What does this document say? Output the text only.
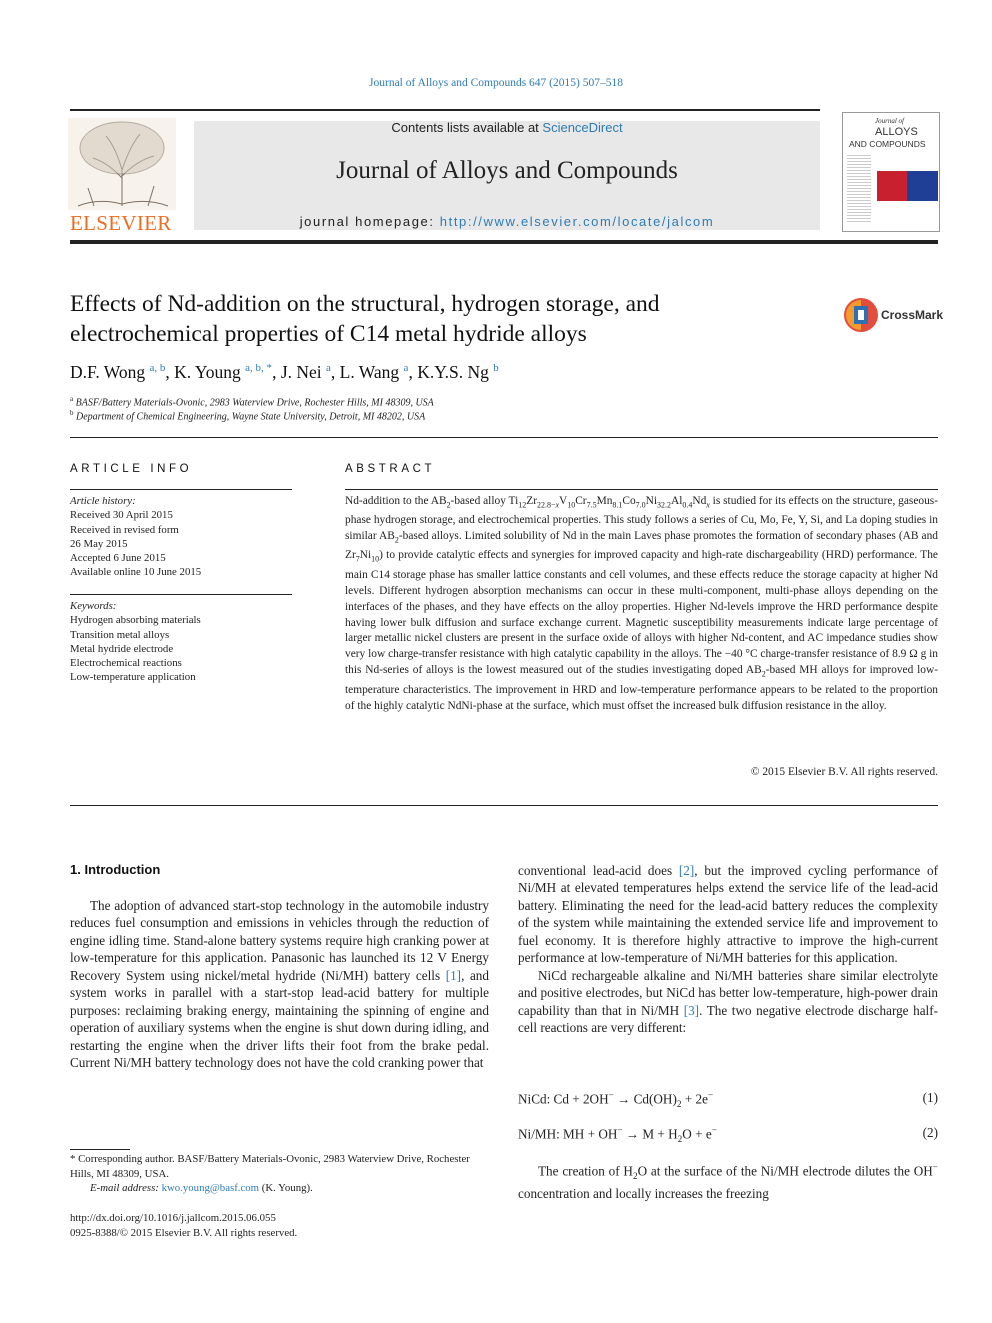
Journal of Alloys and Compounds 647 (2015) 507–518
ELSEVIER
Contents lists available at ScienceDirect
Journal of Alloys and Compounds
journal homepage: http://www.elsevier.com/locate/jalcom
Journal of
ALLOYS
AND COMPOUNDS
Effects of Nd-addition on the structural, hydrogen storage, and
electrochemical properties of C14 metal hydride alloys
CrossMark
D.F. Wong $^{a, b}$, K. Young $^{a, b, *}$, J. Nei $^a$, L. Wang $^a$, K.Y.S. Ng $^b$
$^a$ BASF/Battery Materials-Ovonic, 2983 Waterview Drive, Rochester Hills, MI 48309, USA
$^b$ Department of Chemical Engineering, Wayne State University, Detroit, MI 48202, USA
ARTICLE INFO
Article history:
Received 30 April 2015
Received in revised form
26 May 2015
Accepted 6 June 2015
Available online 10 June 2015
Keywords:
Hydrogen absorbing materials
Transition metal alloys
Metal hydride electrode
Electrochemical reactions
Low-temperature application
ABSTRACT
Nd-addition to the $AB_2$-based alloy $Ti_{12}Zr_{22.8-x}V_{10}Cr_{7.5}Mn_{8.1}Co_{7.0}Ni_{32.2}Al_{0.4}Nd_x$ is studied for its effects on the structure, gaseous-phase hydrogen storage, and electrochemical properties. This study follows a series of Cu, Mo, Fe, Y, Si, and La doping studies in similar $AB_2$-based alloys. Limited solubility of Nd in the main Laves phase promotes the formation of secondary phases (AB and $Zr_7Ni_{10}$) to provide catalytic effects and synergies for improved capacity and high-rate dischargeability (HRD) performance. The main C14 storage phase has smaller lattice constants and cell volumes, and these effects reduce the storage capacity at higher Nd levels. Different hydrogen absorption mechanisms can occur in these multi-component, multi-phase alloys depending on the interfaces of the phases, and they have effects on the alloy properties. Higher Nd-levels improve the HRD performance despite having lower bulk diffusion and surface exchange current. Magnetic susceptibility measurements indicate large percentage of larger metallic nickel clusters are present in the surface oxide of alloys with higher Nd-content, and AC impedance studies show very low charge-transfer resistance with high catalytic capability in the alloys. The −40 °C charge-transfer resistance of 8.9 Ω g in this Nd-series of alloys is the lowest measured out of the studies investigating doped $AB_2$-based MH alloys for improved low-temperature characteristics. The improvement in HRD and low-temperature performance appears to be related to the proportion of the highly catalytic NdNi-phase at the surface, which must offset the increased bulk diffusion resistance in the alloy.
© 2015 Elsevier B.V. All rights reserved.
1. Introduction

The adoption of advanced start-stop technology in the automobile industry reduces fuel consumption and emissions in vehicles through the reduction of engine idling time. Stand-alone battery systems require high cranking power at low-temperature for this application. Panasonic has launched its 12 V Energy Recovery System using nickel/metal hydride (Ni/MH) battery cells [1], and system works in parallel with a start-stop lead-acid battery for multiple purposes: reclaiming braking energy, maintaining the spinning of engine and operation of auxiliary systems when the engine is shut down during idling, and restarting the engine when the driver lifts their foot from the brake pedal. Current Ni/MH battery technology does not have the cold cranking power that

conventional lead-acid does [2], but the improved cycling performance of Ni/MH at elevated temperatures helps extend the service life of the lead-acid battery. Eliminating the need for the lead-acid battery reduces the complexity of the system while maintaining the extended service life and improvement to fuel economy. It is therefore highly attractive to improve the high-current performance at low-temperature of Ni/MH batteries for this application.

NiCd rechargeable alkaline and Ni/MH batteries share similar electrolyte and positive electrodes, but NiCd has better low-temperature, high-power drain capability than that in Ni/MH [3]. The two negative electrode discharge half-cell reactions are very different:

NiCd: $Cd + 2OH^- \to Cd(OH)_2 + 2e^-$	(1)
Ni/MH: MH + $OH^- \to M + H_2O + e^-$	(2)

The creation of $H_2O$ at the surface of the Ni/MH electrode dilutes the OH− concentration and locally increases the freezing

* Corresponding author. BASF/Battery Materials-Ovonic, 2983 Waterview Drive, Rochester Hills, MI 48309, USA.
E-mail address: kwo.young@basf.com (K. Young).
http://dx.doi.org/10.1016/j.jallcom.2015.06.055
0925-8388/© 2015 Elsevier B.V. All rights reserved.
